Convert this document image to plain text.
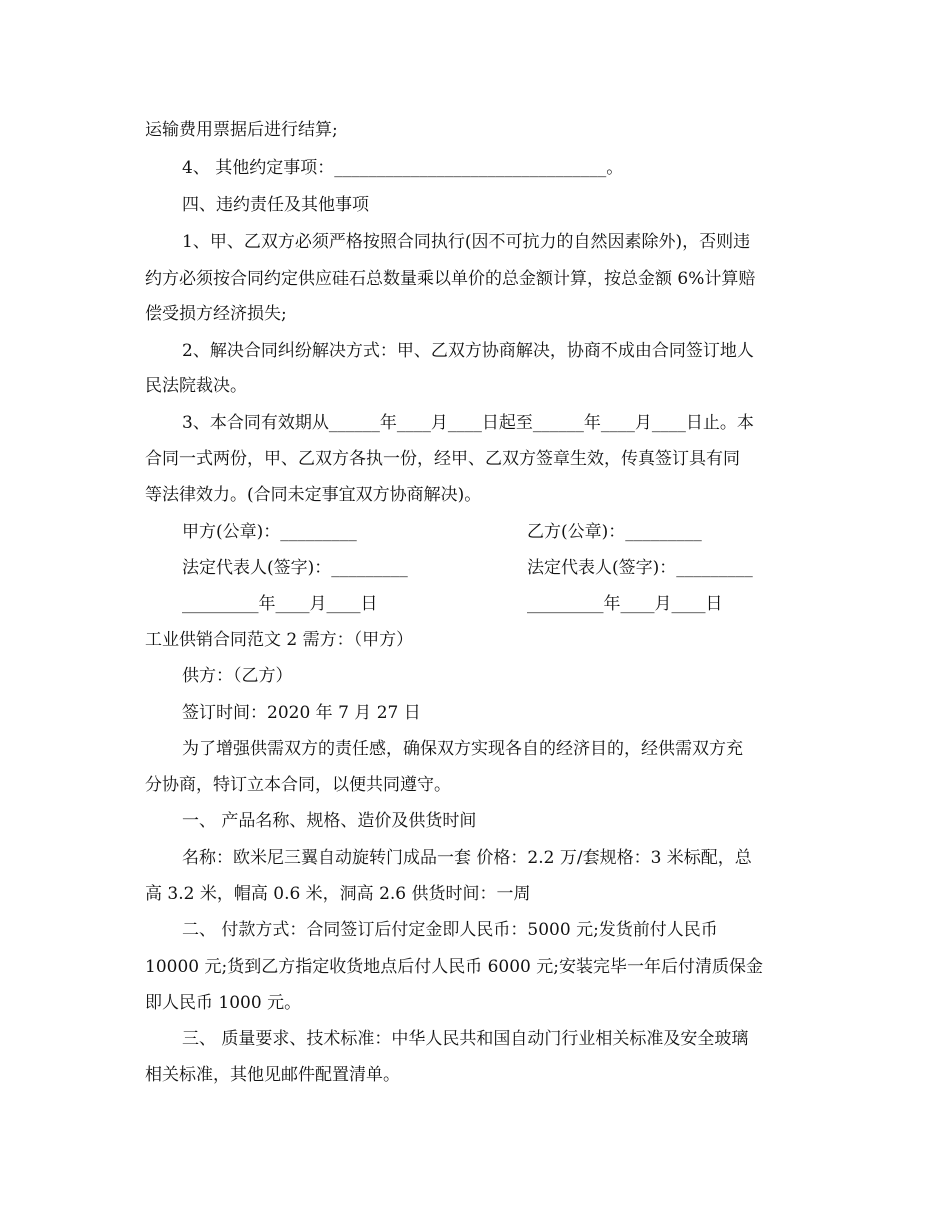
运输费用票据后进行结算;
4、 其他约定事项：________________________________。
四、违约责任及其他事项
1、甲、乙双方必须严格按照合同执行(因不可抗力的自然因素除外)，否则违
约方必须按合同约定供应硅石总数量乘以单价的总金额计算，按总金额 6%计算赔
偿受损方经济损失;
2、解决合同纠纷解决方式：甲、乙双方协商解决，协商不成由合同签订地人
民法院裁决。
3、本合同有效期从______年____月____日起至______年____月____日止。本
合同一式两份，甲、乙双方各执一份，经甲、乙双方签章生效，传真签订具有同
等法律效力。(合同未定事宜双方协商解决)。
甲方(公章)：_________	乙方(公章)：_________
法定代表人(签字)：_________	法定代表人(签字)：_________
_________年____月____日	_________年____月____日
工业供销合同范文 2 需方：（甲方）
供方：（乙方）
签订时间：2020 年 7 月 27 日
为了增强供需双方的责任感，确保双方实现各自的经济目的，经供需双方充
分协商，特订立本合同，以便共同遵守。
一、 产品名称、规格、造价及供货时间
名称：欧米尼三翼自动旋转门成品一套 价格：2.2 万/套规格：3 米标配，总
高 3.2 米，帽高 0.6 米，洞高 2.6 供货时间：一周
二、 付款方式：合同签订后付定金即人民币：5000 元;发货前付人民币
10000 元;货到乙方指定收货地点后付人民币 6000 元;安装完毕一年后付清质保金
即人民币 1000 元。
三、 质量要求、技术标准：中华人民共和国自动门行业相关标准及安全玻璃
相关标准，其他见邮件配置清单。
